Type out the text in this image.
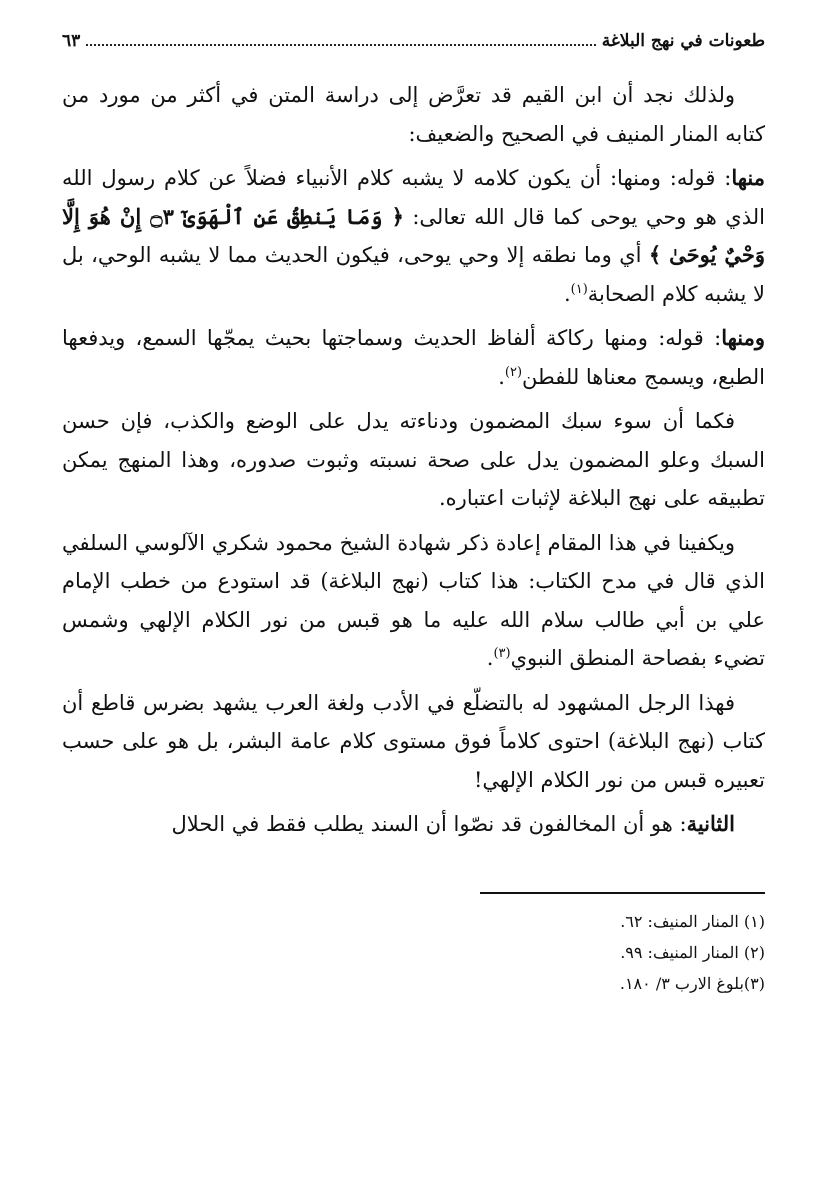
طعونات في نهج البلاغة
٦٣

ولذلك نجد أن ابن القيم قد تعرَّض إلى دراسة المتن في أكثر من مورد من كتابه المنار المنيف في الصحيح والضعيف:

منها: قوله: ومنها: أن يكون كلامه لا يشبه كلام الأنبياء فضلاً عن كلام رسول الله الذي هو وحي يوحى كما قال الله تعالى: ﴿ وَمَا يَنطِقُ عَنِ ٱلْهَوَىٰٓ ۝٣ إِنْ هُوَ إِلَّا وَحْيٌ يُوحَىٰ ﴾ أي وما نطقه إلا وحي يوحى، فيكون الحديث مما لا يشبه الوحي، بل لا يشبه كلام الصحابة$^{(١)}$.

ومنها: قوله: ومنها ركاكة ألفاظ الحديث وسماجتها بحيث يمجّها السمع، ويدفعها الطبع، ويسمج معناها للفطن$^{(٢)}$.

فكما أن سوء سبك المضمون ودناءته يدل على الوضع والكذب، فإن حسن السبك وعلو المضمون يدل على صحة نسبته وثبوت صدوره، وهذا المنهج يمكن تطبيقه على نهج البلاغة لإثبات اعتباره.

ويكفينا في هذا المقام إعادة ذكر شهادة الشيخ محمود شكري الآلوسي السلفي الذي قال في مدح الكتاب: هذا كتاب (نهج البلاغة) قد استودع من خطب الإمام علي بن أبي طالب سلام الله عليه ما هو قبس من نور الكلام الإلهي وشمس تضيء بفصاحة المنطق النبوي$^{(٣)}$.

فهذا الرجل المشهود له بالتضلّع في الأدب ولغة العرب يشهد بضرس قاطع أن كتاب (نهج البلاغة) احتوى كلاماً فوق مستوى كلام عامة البشر، بل هو على حسب تعبيره قبس من نور الكلام الإلهي!

الثانية: هو أن المخالفون قد نصّوا أن السند يطلب فقط في الحلال

(١) المنار المنيف: ٦٢.
(٢) المنار المنيف: ٩٩.
(٣)بلوغ الارب ٣/ ١٨٠.
